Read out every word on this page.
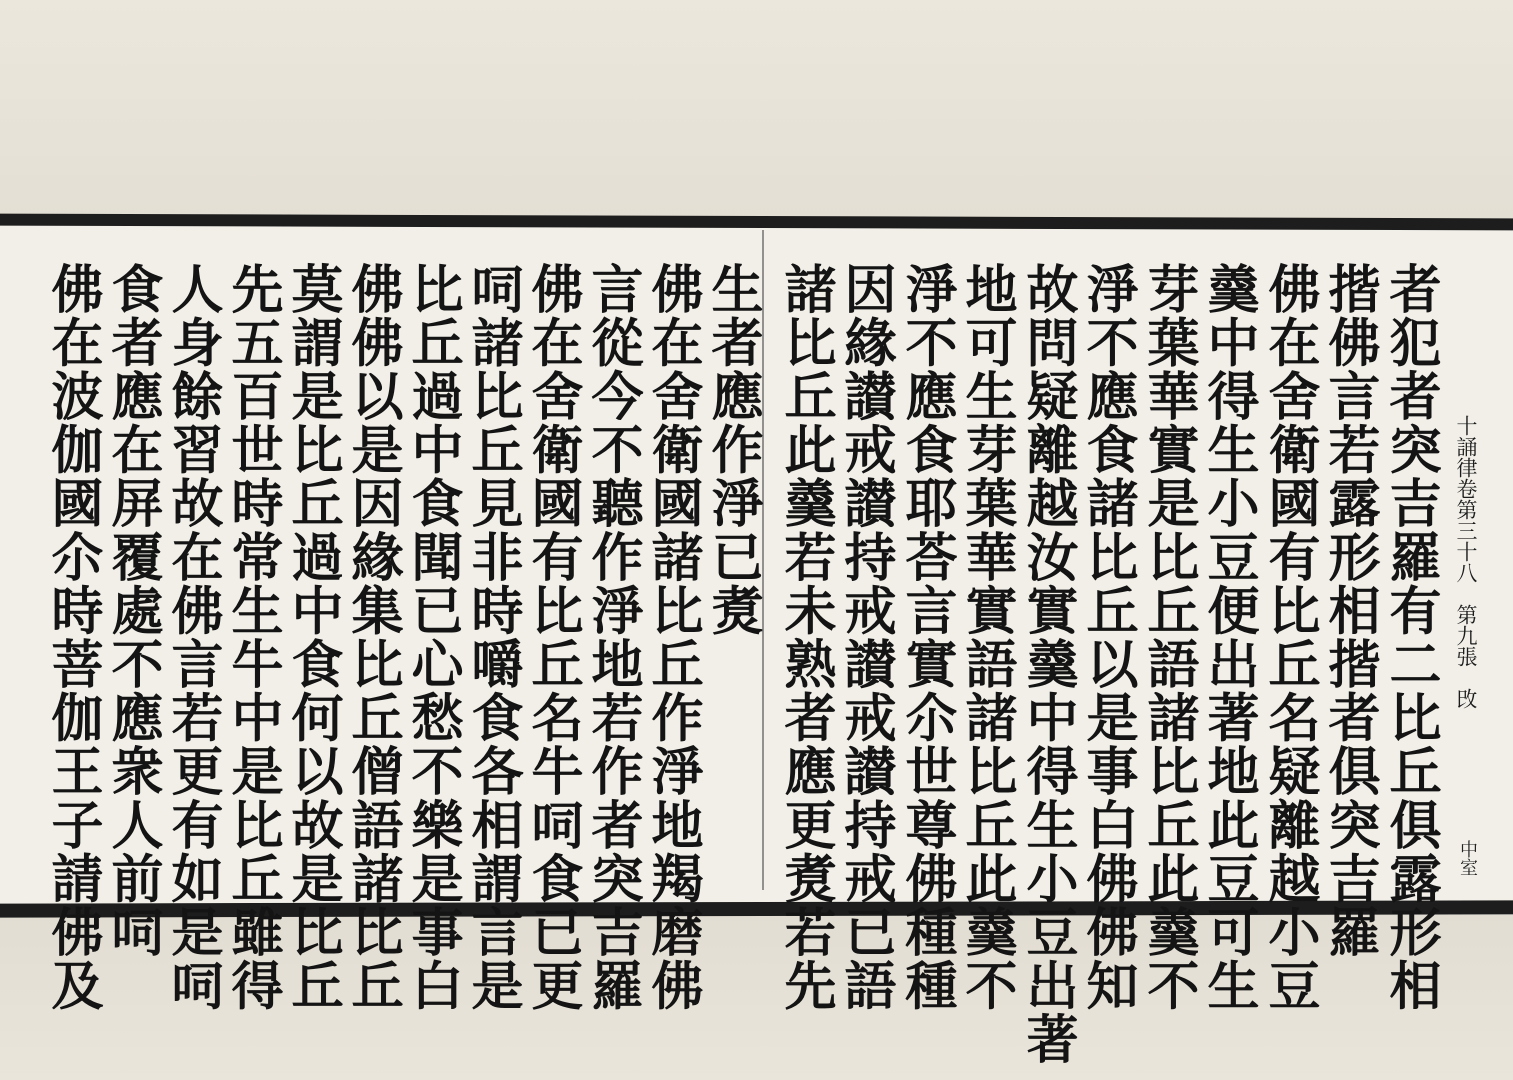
十誦律卷第三十八　第九張　攺
中室
者犯者突吉羅有二比丘俱露形相
揩佛言若露形相揩者俱突吉羅
佛在舍衛國有比丘名疑離越小豆
羹中得生小豆便出著地此豆可生
芽葉華實是比丘語諸比丘此羹不
淨不應食諸比丘以是事白佛佛知
故問疑離越汝實羹中得生小豆出著
地可生芽葉華實語諸比丘此羹不
淨不應食耶荅言實尒世尊佛種種
因緣讃戒讃持戒讃戒讃持戒已語
諸比丘此羹若未熟者應更煑若先
生者應作淨已煑
佛在舍衛國諸比丘作淨地羯磨佛
言從今不聽作淨地若作者突吉羅
佛在舍衛國有比丘名牛呞食已更
呞諸比丘見非時嚼食各相謂言是
比丘過中食聞已心愁不樂是事白
佛佛以是因緣集比丘僧語諸比丘
莫謂是比丘過中食何以故是比丘
先五百世時常生牛中是比丘雖得
人身餘習故在佛言若更有如是呞
食者應在屏覆處不應衆人前呞
佛在波伽國尒時菩伽王子請佛及
